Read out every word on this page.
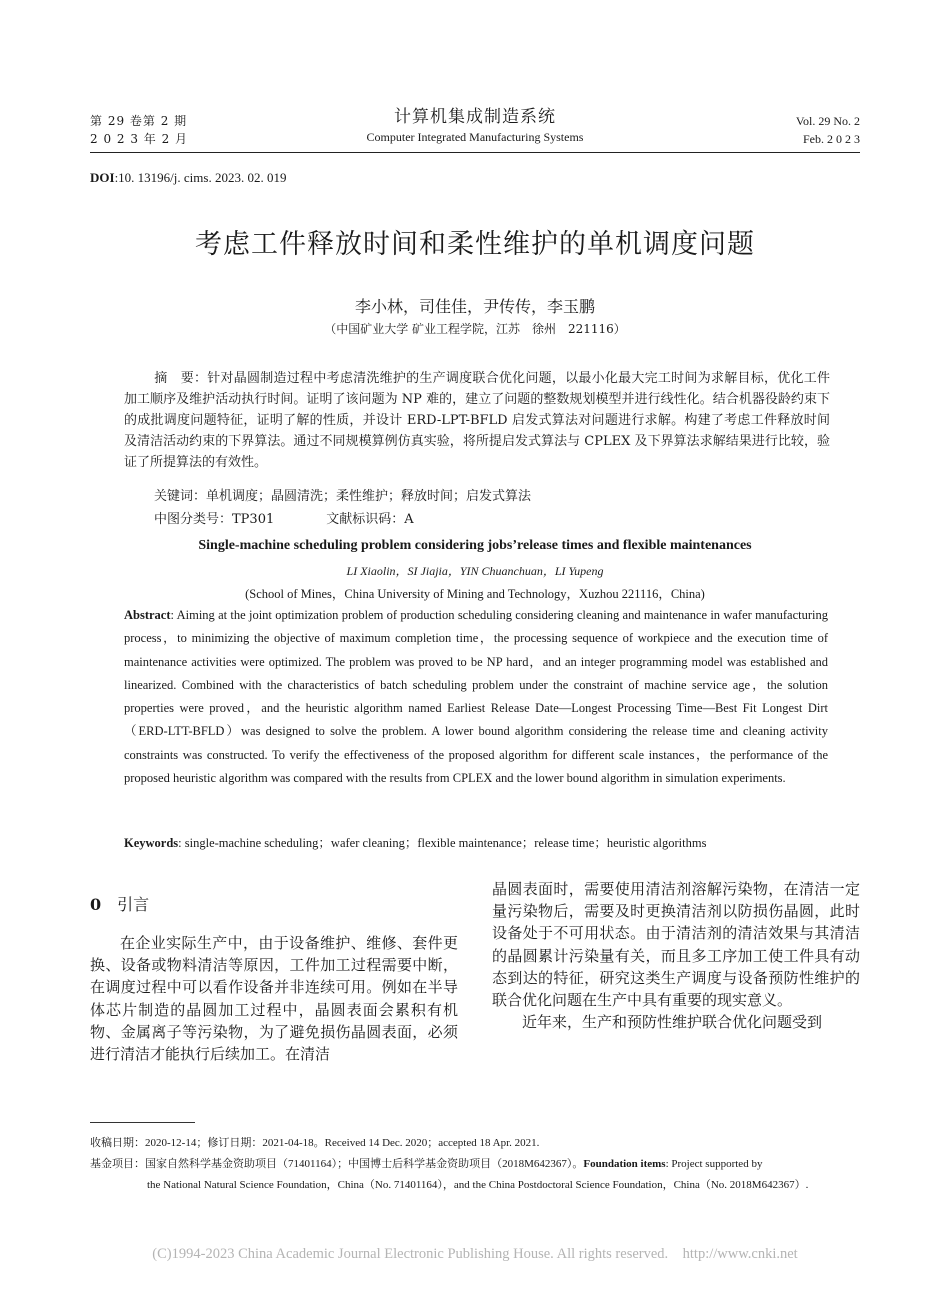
第 29 卷第 2 期
2 0 2 3 年 2 月
计算机集成制造系统
Computer Integrated Manufacturing Systems
Vol. 29 No. 2
Feb. 2 0 2 3
DOI:10. 13196/j. cims. 2023. 02. 019
考虑工件释放时间和柔性维护的单机调度问题
李小林，司佳佳，尹传传，李玉鹏
（中国矿业大学 矿业工程学院，江苏　徐州　221116）
摘　要：针对晶圆制造过程中考虑清洗维护的生产调度联合优化问题，以最小化最大完工时间为求解目标，优化工件加工顺序及维护活动执行时间。证明了该问题为 NP 难的，建立了问题的整数规划模型并进行线性化。结合机器役龄约束下的成批调度问题特征，证明了解的性质，并设计 ERD-LPT-BFLD 启发式算法对问题进行求解。构建了考虑工件释放时间及清洁活动约束的下界算法。通过不同规模算例仿真实验，将所提启发式算法与 CPLEX 及下界算法求解结果进行比较，验证了所提算法的有效性。
关键词：单机调度；晶圆清洗；柔性维护；释放时间；启发式算法
中图分类号：TP301	文献标识码：A
Single-machine scheduling problem considering jobs’release times and flexible maintenances
LI Xiaolin，SI Jiajia，YIN Chuanchuan，LI Yupeng
(School of Mines，China University of Mining and Technology，Xuzhou 221116，China)
Abstract: Aiming at the joint optimization problem of production scheduling considering cleaning and maintenance in wafer manufacturing process，to minimizing the objective of maximum completion time，the processing sequence of workpiece and the execution time of maintenance activities were optimized. The problem was proved to be NP hard，and an integer programming model was established and linearized. Combined with the characteristics of batch scheduling problem under the constraint of machine service age，the solution properties were proved，and the heuristic algorithm named Earliest Release Date—Longest Processing Time—Best Fit Longest Dirt（ERD-LTT-BFLD）was designed to solve the problem. A lower bound algorithm considering the release time and cleaning activity constraints was constructed. To verify the effectiveness of the proposed algorithm for different scale instances，the performance of the proposed heuristic algorithm was compared with the results from CPLEX and the lower bound algorithm in simulation experiments.
Keywords: single-machine scheduling；wafer cleaning；flexible maintenance；release time；heuristic algorithms
0 引言

在企业实际生产中，由于设备维护、维修、套件更换、设备或物料清洁等原因，工件加工过程需要中断，在调度过程中可以看作设备并非连续可用。例如在半导体芯片制造的晶圆加工过程中，晶圆表面会累积有机物、金属离子等污染物，为了避免损伤晶圆表面，必须进行清洁才能执行后续加工。在清洁

晶圆表面时，需要使用清洁剂溶解污染物，在清洁一定量污染物后，需要及时更换清洁剂以防损伤晶圆，此时设备处于不可用状态。由于清洁剂的清洁效果与其清洁的晶圆累计污染量有关，而且多工序加工使工件具有动态到达的特征，研究这类生产调度与设备预防性维护的联合优化问题在生产中具有重要的现实意义。

近年来，生产和预防性维护联合优化问题受到

收稿日期：2020-12-14；修订日期：2021-04-18。Received 14 Dec. 2020；accepted 18 Apr. 2021.
基金项目：国家自然科学基金资助项目（71401164）；中国博士后科学基金资助项目（2018M642367）。Foundation items: Project supported by
the National Natural Science Foundation，China（No. 71401164），and the China Postdoctoral Science Foundation，China（No. 2018M642367）.
(C)1994-2023 China Academic Journal Electronic Publishing House. All rights reserved.　http://www.cnki.net
